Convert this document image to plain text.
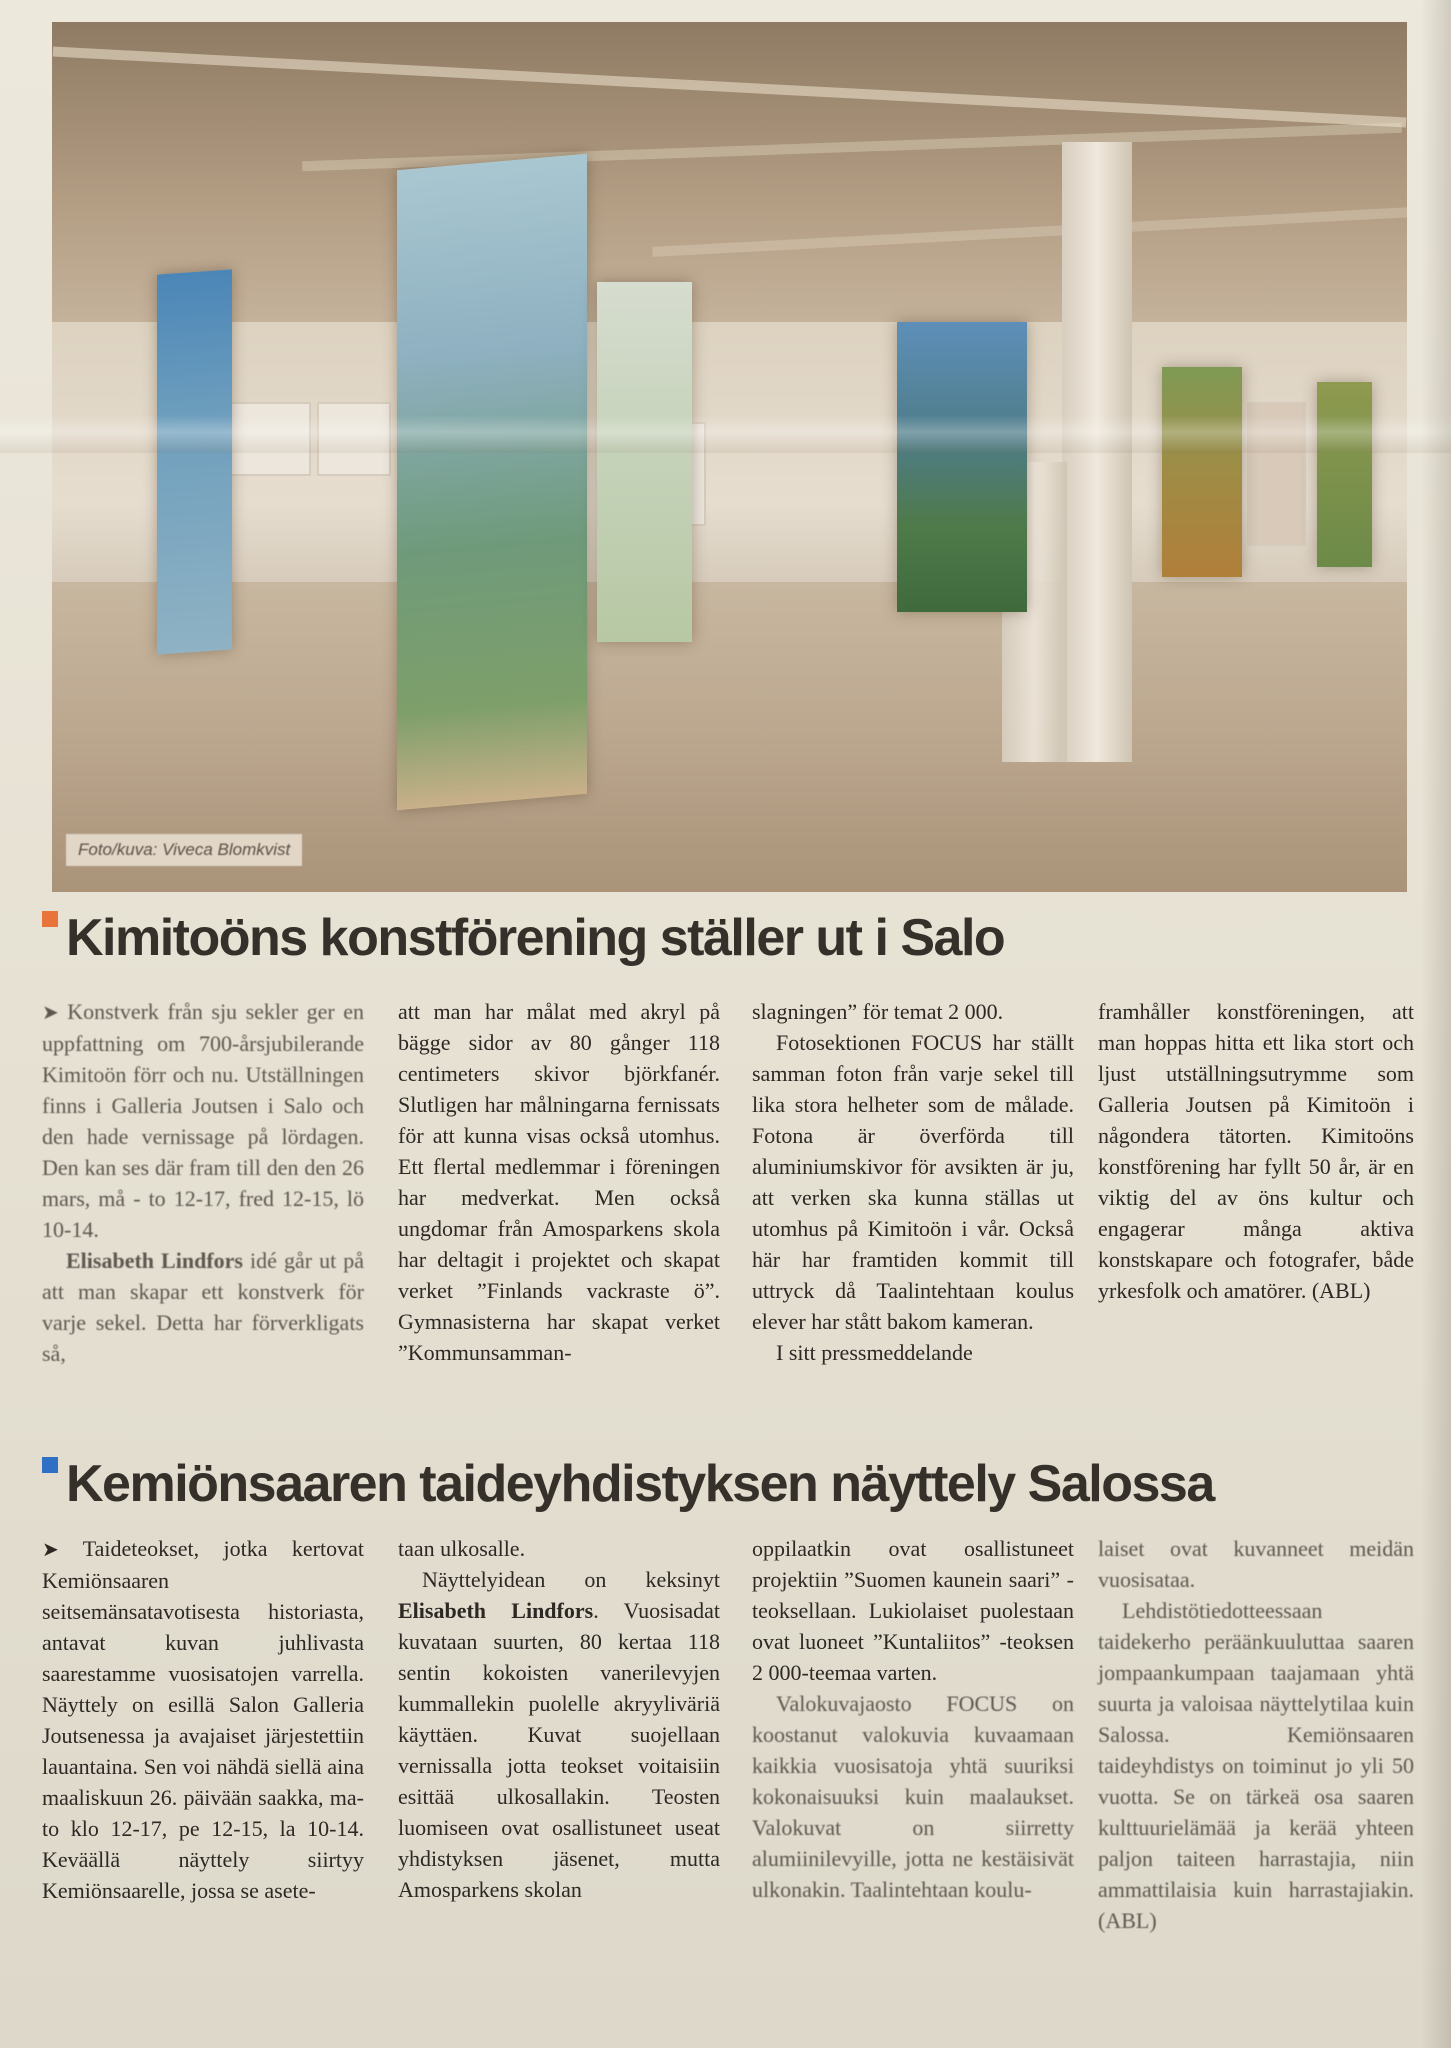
Foto/kuva: Viveca Blomkvist
Kimitoöns konstförening ställer ut i Salo

➤ Konstverk från sju sekler ger en uppfattning om 700-årsjubilerande Kimitoön förr och nu. Utställningen finns i Galleria Joutsen i Salo och den hade vernissage på lördagen. Den kan ses där fram till den den 26 mars, må - to 12-17, fred 12-15, lö 10-14.

Elisabeth Lindfors idé går ut på att man skapar ett konstverk för varje sekel. Detta har förverkligats så,

att man har målat med akryl på bägge sidor av 80 gånger 118 centimeters skivor björkfanér. Slutligen har målningarna fernissats för att kunna visas också utomhus. Ett flertal medlemmar i föreningen har medverkat. Men också ungdomar från Amosparkens skola har deltagit i projektet och skapat verket ”Finlands vackraste ö”. Gymnasisterna har skapat verket ”Kommunsamman-

slagningen” för temat 2 000.

Fotosektionen FOCUS har ställt samman foton från varje sekel till lika stora helheter som de målade. Fotona är överförda till aluminiumskivor för avsikten är ju, att verken ska kunna ställas ut utomhus på Kimitoön i vår. Också här har framtiden kommit till uttryck då Taalintehtaan koulus elever har stått bakom kameran.

I sitt pressmeddelande

framhåller konstföreningen, att man hoppas hitta ett lika stort och ljust utställningsutrymme som Galleria Joutsen på Kimitoön i någondera tätorten. Kimitoöns konstförening har fyllt 50 år, är en viktig del av öns kultur och engagerar många aktiva konstskapare och fotografer, både yrkesfolk och amatörer. (ABL)

Kemiönsaaren taideyhdistyksen näyttely Salossa

➤ Taideteokset, jotka kertovat Kemiönsaaren seitsemänsatavotisesta historiasta, antavat kuvan juhlivasta saarestamme vuosisatojen varrella. Näyttely on esillä Salon Galleria Joutsenessa ja avajaiset järjestettiin lauantaina. Sen voi nähdä siellä aina maaliskuun 26. päivään saakka, ma-to klo 12-17, pe 12-15, la 10-14. Keväällä näyttely siirtyy Kemiönsaarelle, jossa se asete-

taan ulkosalle.

Näyttelyidean on keksinyt Elisabeth Lindfors. Vuosisadat kuvataan suurten, 80 kertaa 118 sentin kokoisten vanerilevyjen kummallekin puolelle akryyliväriä käyttäen. Kuvat suojellaan vernissalla jotta teokset voitaisiin esittää ulkosallakin. Teosten luomiseen ovat osallistuneet useat yhdistyksen jäsenet, mutta Amosparkens skolan

oppilaatkin ovat osallistuneet projektiin ”Suomen kaunein saari” -teoksellaan. Lukiolaiset puolestaan ovat luoneet ”Kuntaliitos” -teoksen 2 000-teemaa varten.

Valokuvajaosto FOCUS on koostanut valokuvia kuvaamaan kaikkia vuosisatoja yhtä suuriksi kokonaisuuksi kuin maalaukset. Valokuvat on siirretty alumiinilevyille, jotta ne kestäisivät ulkonakin. Taalintehtaan koulu-

laiset ovat kuvanneet meidän vuosisataa.

Lehdistötiedotteessaan taidekerho peräänkuuluttaa saaren jompaankumpaan taajamaan yhtä suurta ja valoisaa näyttelytilaa kuin Salossa. Kemiönsaaren taideyhdistys on toiminut jo yli 50 vuotta. Se on tärkeä osa saaren kulttuurielämää ja kerää yhteen paljon taiteen harrastajia, niin ammattilaisia kuin harrastajiakin. (ABL)
